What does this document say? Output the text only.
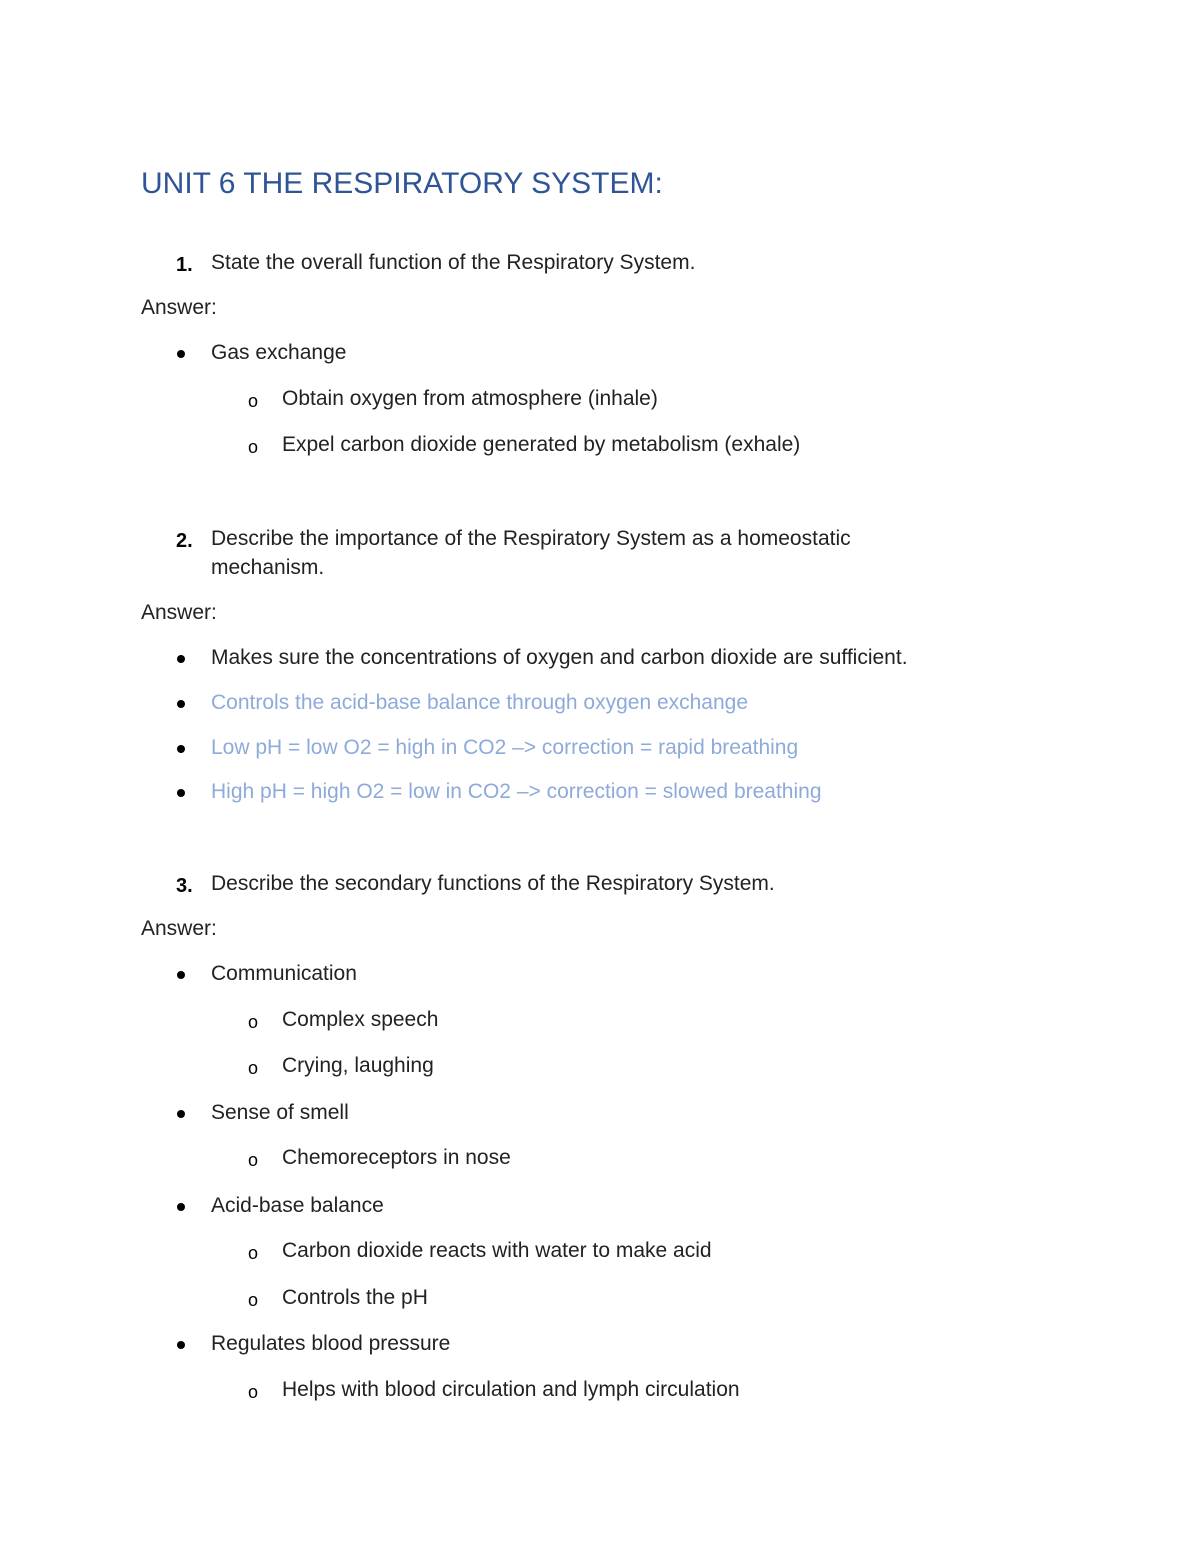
UNIT 6 THE RESPIRATORY SYSTEM:
1. State the overall function of the Respiratory System.
Answer:
Gas exchange
o Obtain oxygen from atmosphere (inhale)
o Expel carbon dioxide generated by metabolism (exhale)
2. Describe the importance of the Respiratory System as a homeostatic
mechanism.
Answer:
Makes sure the concentrations of oxygen and carbon dioxide are sufficient.
Controls the acid-base balance through oxygen exchange
Low pH = low O2 = high in CO2 –> correction = rapid breathing
High pH = high O2 = low in CO2 –> correction = slowed breathing
3. Describe the secondary functions of the Respiratory System.
Answer:
Communication
o Complex speech
o Crying, laughing
Sense of smell
o Chemoreceptors in nose
Acid-base balance
o Carbon dioxide reacts with water to make acid
o Controls the pH
Regulates blood pressure
o Helps with blood circulation and lymph circulation
